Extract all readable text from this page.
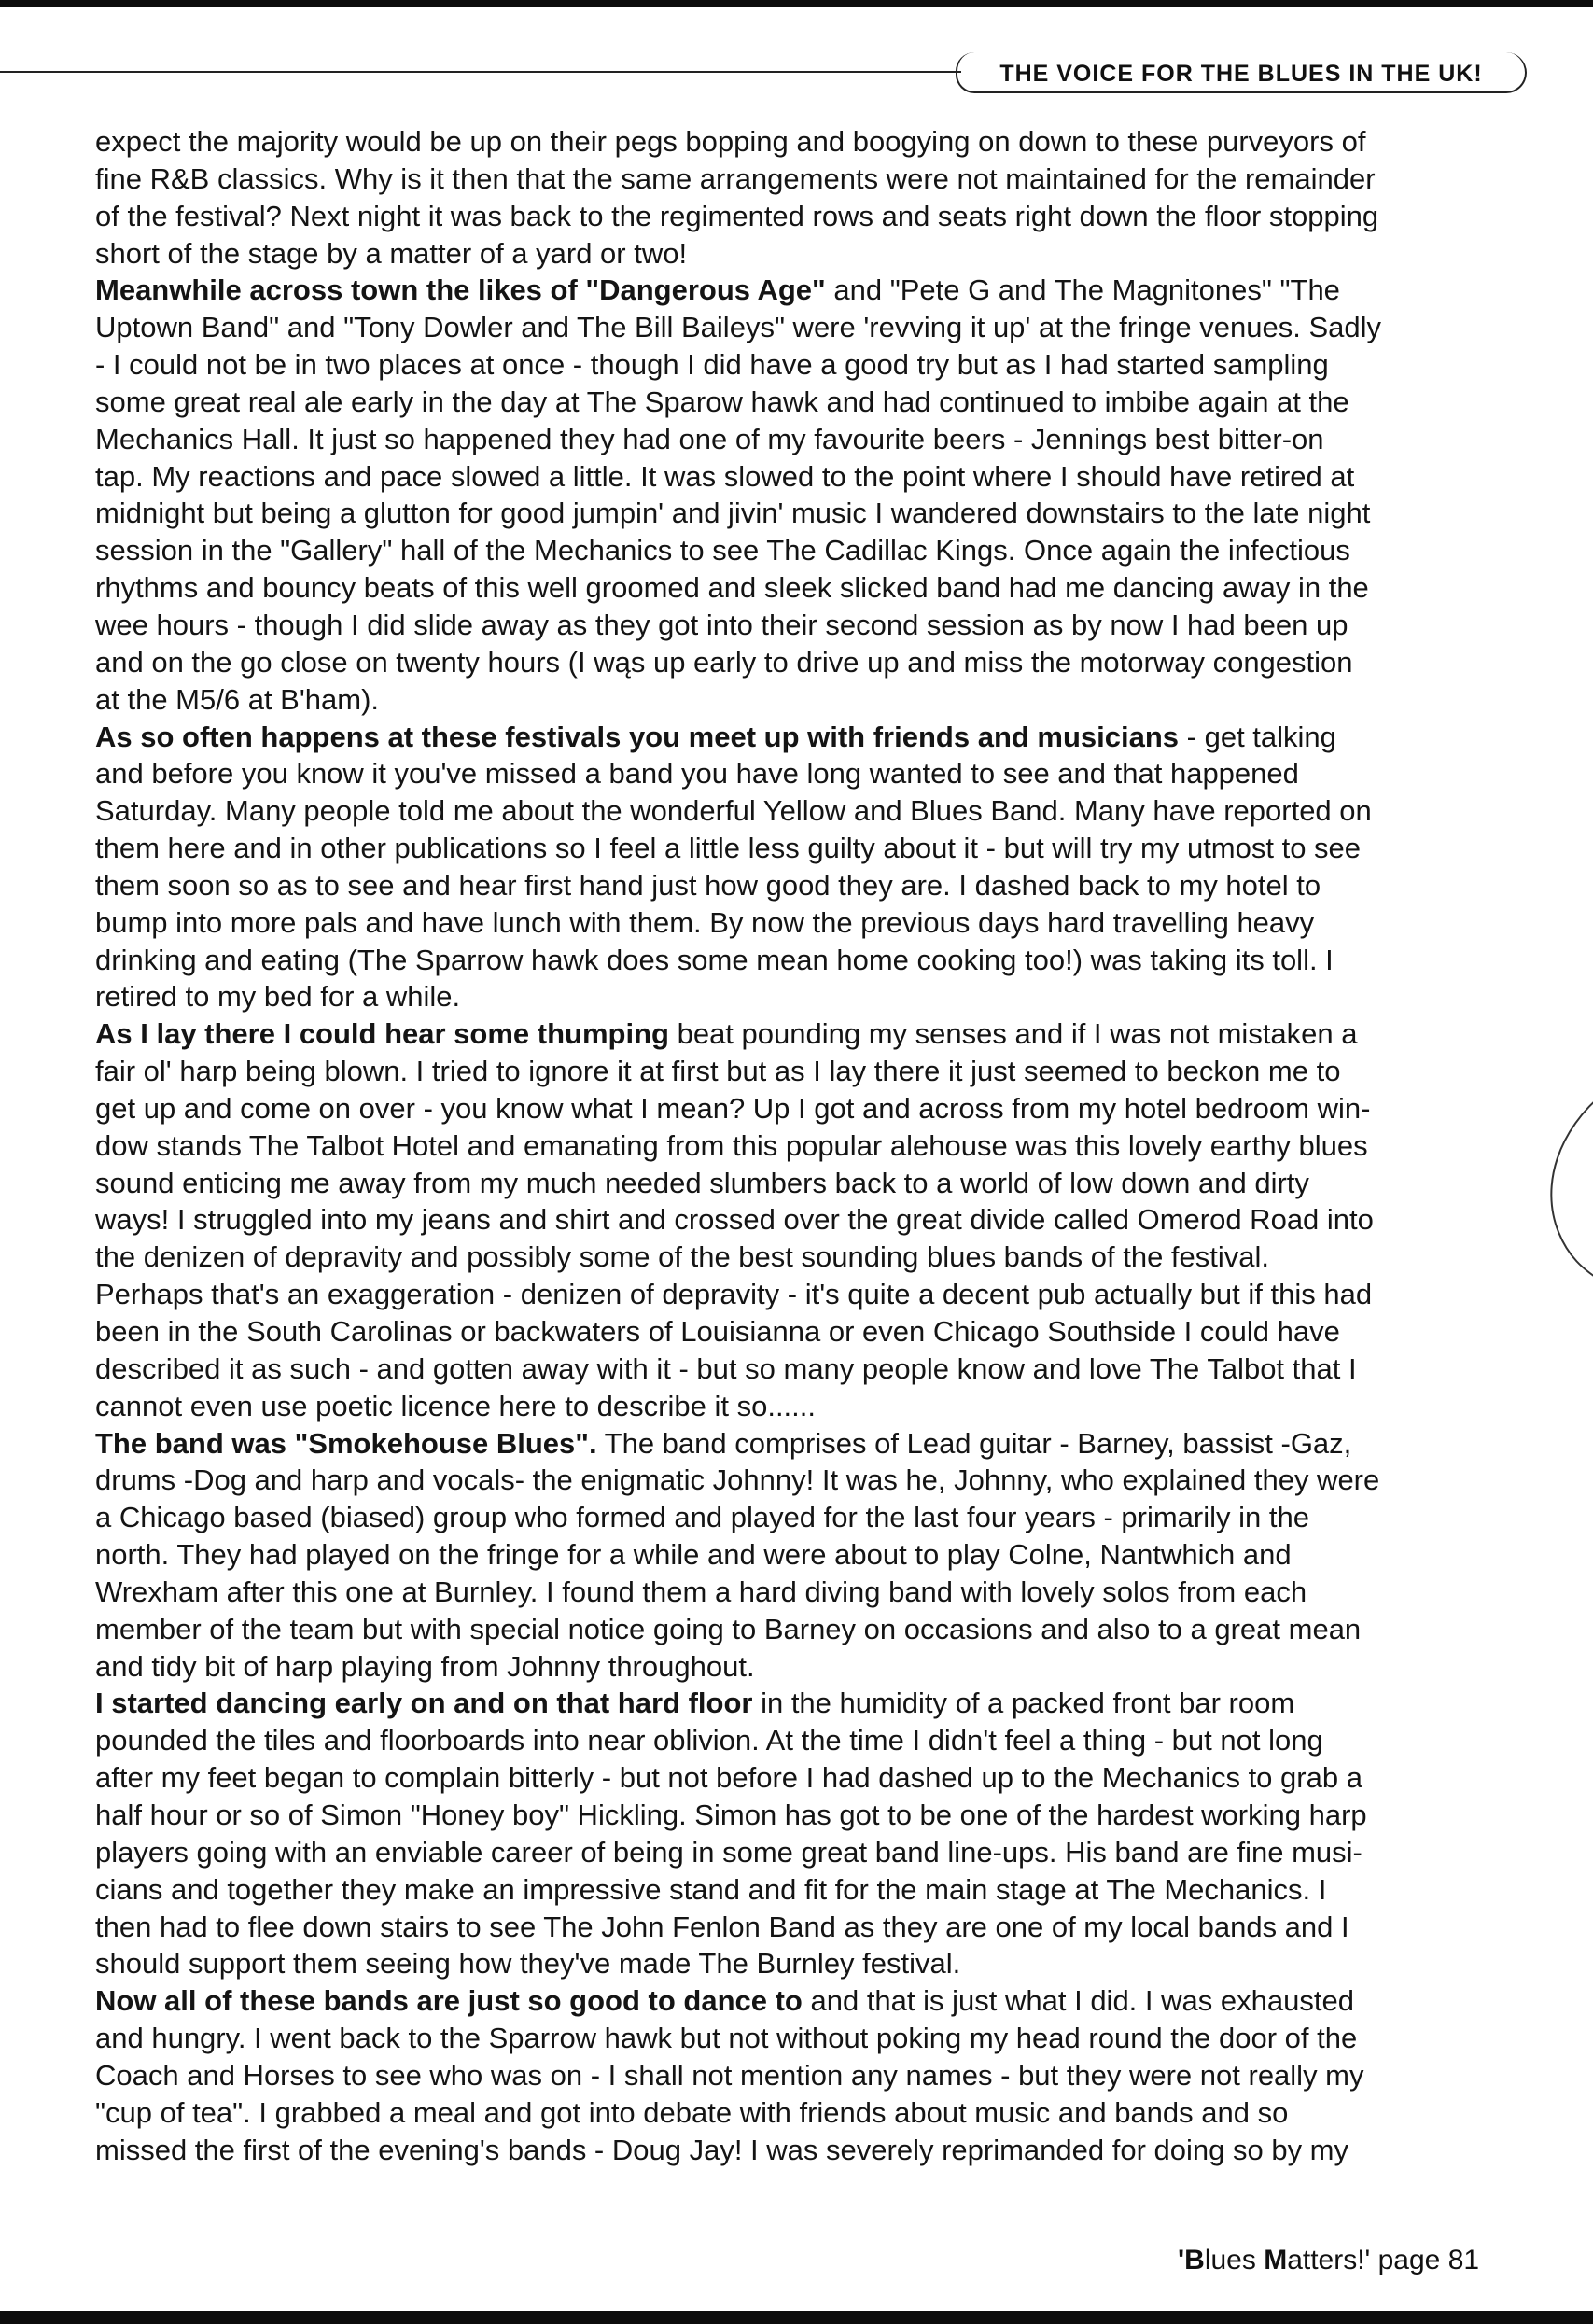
THE VOICE FOR THE BLUES IN THE UK!
expect the majority would be up on their pegs bopping and boogying on down to these purveyors of
fine R&B classics. Why is it then that the same arrangements were not maintained for the remainder
of the festival? Next night it was back to the regimented rows and seats right down the floor stopping
short of the stage by a matter of a yard or two!
Meanwhile across town the likes of "Dangerous Age" and "Pete G and The Magnitones" "The
Uptown Band" and "Tony Dowler and The Bill Baileys" were 'revving it up' at the fringe venues. Sadly
- I could not be in two places at once - though I did have a good try but as I had started sampling
some great real ale early in the day at The Sparow hawk and had continued to imbibe again at the
Mechanics Hall. It just so happened they had one of my favourite beers - Jennings best bitter-on
tap. My reactions and pace slowed a little. It was slowed to the point where I should have retired at
midnight but being a glutton for good jumpin' and jivin' music I wandered downstairs to the late night
session in the "Gallery" hall of the Mechanics to see The Cadillac Kings. Once again the infectious
rhythms and bouncy beats of this well groomed and sleek slicked band had me dancing away in the
wee hours - though I did slide away as they got into their second session as by now I had been up
and on the go close on twenty hours (I wąs up early to drive up and miss the motorway congestion
at the M5/6 at B'ham).
As so often happens at these festivals you meet up with friends and musicians - get talking
and before you know it you've missed a band you have long wanted to see and that happened
Saturday. Many people told me about the wonderful Yellow and Blues Band. Many have reported on
them here and in other publications so I feel a little less guilty about it - but will try my utmost to see
them soon so as to see and hear first hand just how good they are. I dashed back to my hotel to
bump into more pals and have lunch with them. By now the previous days hard travelling heavy
drinking and eating (The Sparrow hawk does some mean home cooking too!) was taking its toll. I
retired to my bed for a while.
As I lay there I could hear some thumping beat pounding my senses and if I was not mistaken a
fair ol' harp being blown. I tried to ignore it at first but as I lay there it just seemed to beckon me to
get up and come on over - you know what I mean? Up I got and across from my hotel bedroom win-
dow stands The Talbot Hotel and emanating from this popular alehouse was this lovely earthy blues
sound enticing me away from my much needed slumbers back to a world of low down and dirty
ways! I struggled into my jeans and shirt and crossed over the great divide called Omerod Road into
the denizen of depravity and possibly some of the best sounding blues bands of the festival.
Perhaps that's an exaggeration - denizen of depravity - it's quite a decent pub actually but if this had
been in the South Carolinas or backwaters of Louisianna or even Chicago Southside I could have
described it as such - and gotten away with it - but so many people know and love The Talbot that I
cannot even use poetic licence here to describe it so......
The band was "Smokehouse Blues". The band comprises of Lead guitar - Barney, bassist -Gaz,
drums -Dog and harp and vocals- the enigmatic Johnny! It was he, Johnny, who explained they were
a Chicago based (biased) group who formed and played for the last four years - primarily in the
north. They had played on the fringe for a while and were about to play Colne, Nantwhich and
Wrexham after this one at Burnley. I found them a hard diving band with lovely solos from each
member of the team but with special notice going to Barney on occasions and also to a great mean
and tidy bit of harp playing from Johnny throughout.
I started dancing early on and on that hard floor in the humidity of a packed front bar room
pounded the tiles and floorboards into near oblivion. At the time I didn't feel a thing - but not long
after my feet began to complain bitterly - but not before I had dashed up to the Mechanics to grab a
half hour or so of Simon "Honey boy" Hickling. Simon has got to be one of the hardest working harp
players going with an enviable career of being in some great band line-ups. His band are fine musi-
cians and together they make an impressive stand and fit for the main stage at The Mechanics. I
then had to flee down stairs to see The John Fenlon Band as they are one of my local bands and I
should support them seeing how they've made The Burnley festival.
Now all of these bands are just so good to dance to and that is just what I did. I was exhausted
and hungry. I went back to the Sparrow hawk but not without poking my head round the door of the
Coach and Horses to see who was on - I shall not mention any names - but they were not really my
"cup of tea". I grabbed a meal and got into debate with friends about music and bands and so
missed the first of the evening's bands - Doug Jay! I was severely reprimanded for doing so by my
'Blues Matters!' page 81
